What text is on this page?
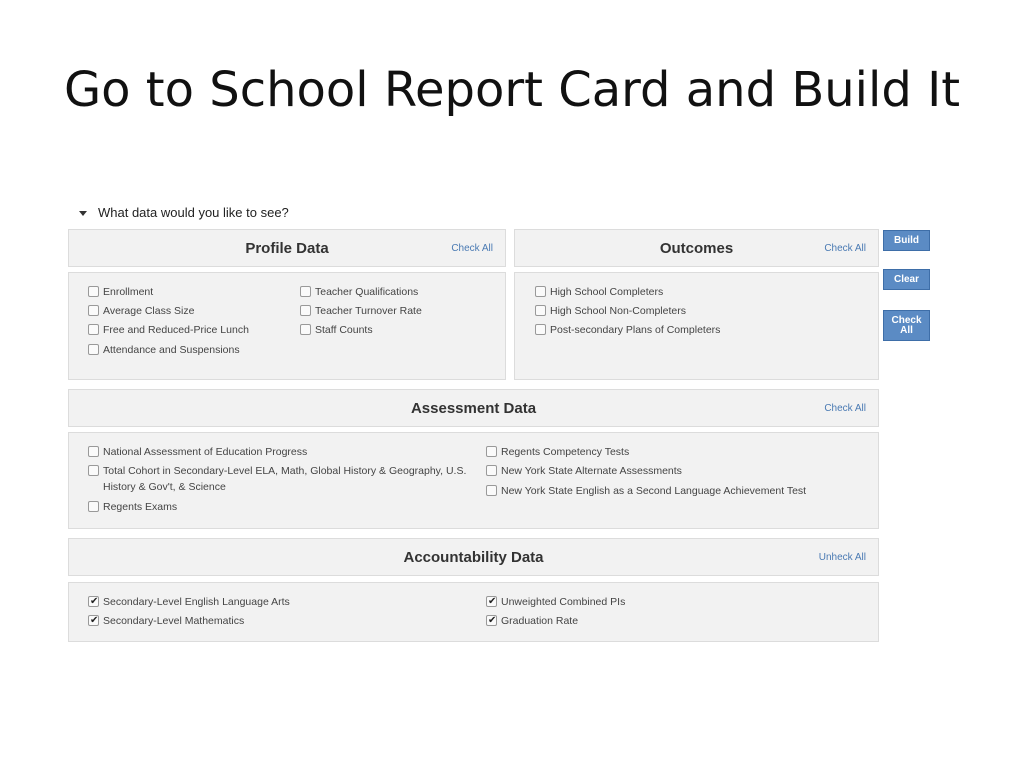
Go to School Report Card and Build It
What data would you like to see?
Profile Data	Check All
Enrollment
Average Class Size
Free and Reduced-Price Lunch
Attendance and Suspensions
Teacher Qualifications
Teacher Turnover Rate
Staff Counts
Outcomes	Check All
High School Completers
High School Non-Completers
Post-secondary Plans of Completers
Assessment Data	Check All
National Assessment of Education Progress
Total Cohort in Secondary-Level ELA, Math, Global History & Geography, U.S.
History & Gov't, & Science
Regents Exams
Regents Competency Tests
New York State Alternate Assessments
New York State English as a Second Language Achievement Test
Accountability Data	Unheck All
✔
Secondary-Level English Language Arts
✔
Secondary-Level Mathematics
✔
Unweighted Combined PIs
✔
Graduation Rate
Build
Clear
Check
All
